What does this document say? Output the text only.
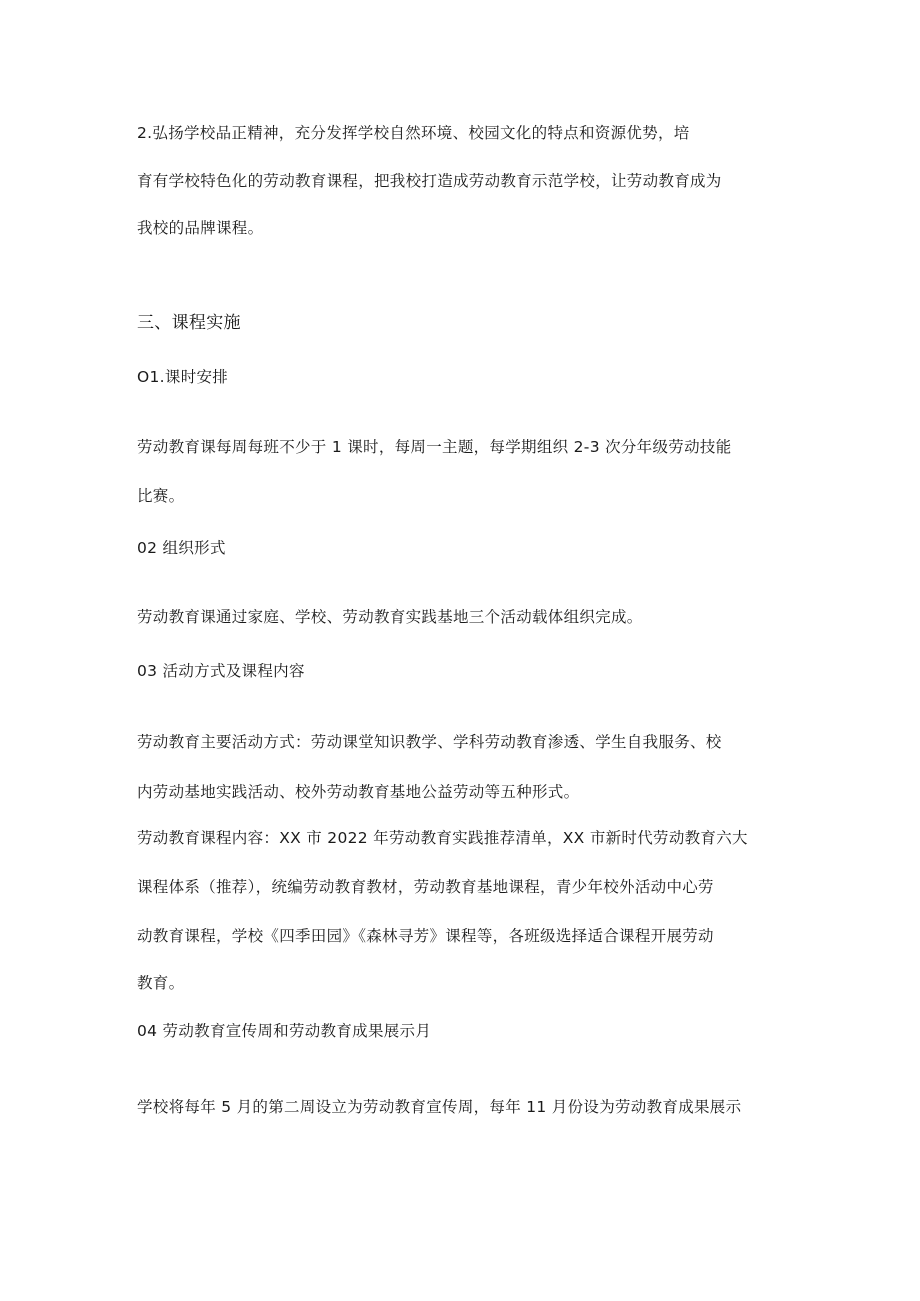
2.弘扬学校品正精神，充分发挥学校自然环境、校园文化的特点和资源优势，培
育有学校特色化的劳动教育课程，把我校打造成劳动教育示范学校，让劳动教育成为
我校的品牌课程。
三、课程实施
O1.课时安排
劳动教育课每周每班不少于 1 课时，每周一主题，每学期组织 2-3 次分年级劳动技能
比赛。
02 组织形式
劳动教育课通过家庭、学校、劳动教育实践基地三个活动载体组织完成。
03 活动方式及课程内容
劳动教育主要活动方式：劳动课堂知识教学、学科劳动教育渗透、学生自我服务、校
内劳动基地实践活动、校外劳动教育基地公益劳动等五种形式。
劳动教育课程内容：XX 市 2022 年劳动教育实践推荐清单，XX 市新时代劳动教育六大
课程体系（推荐），统编劳动教育教材，劳动教育基地课程，青少年校外活动中心劳
动教育课程，学校《四季田园》《森林寻芳》课程等，各班级选择适合课程开展劳动
教育。
04 劳动教育宣传周和劳动教育成果展示月
学校将每年 5 月的第二周设立为劳动教育宣传周，每年 11 月份设为劳动教育成果展示
